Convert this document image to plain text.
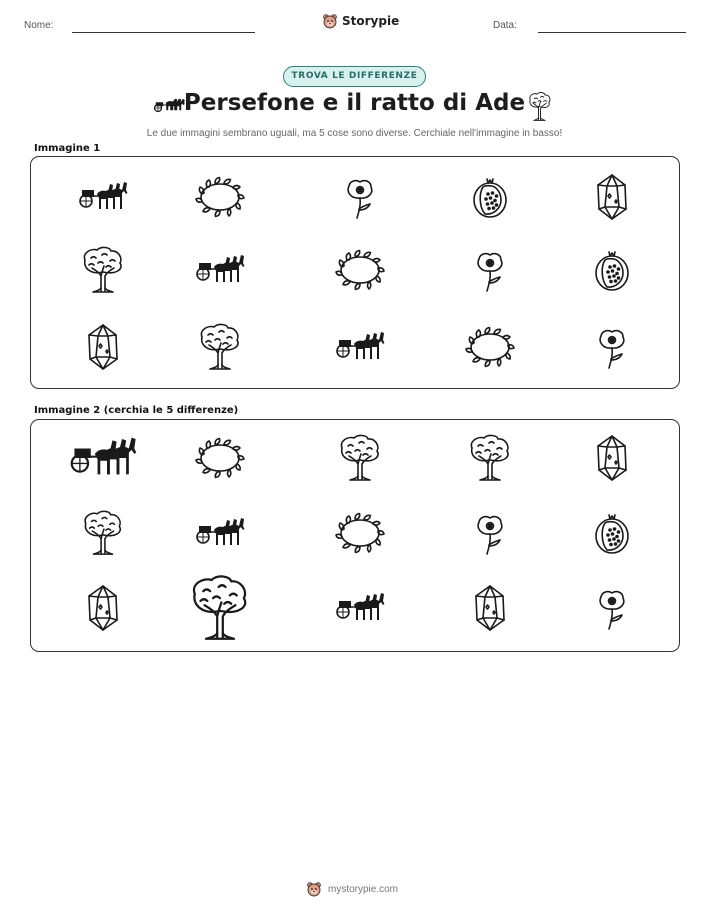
Nome:	Storypie	Data:
TROVA LE DIFFERENZE
Persefone e il ratto di Ade
Le due immagini sembrano uguali, ma 5 cose sono diverse. Cerchiale nell'immagine in basso!
Immagine 1
Immagine 2 (cerchia le 5 differenze)
mystorypie.com
